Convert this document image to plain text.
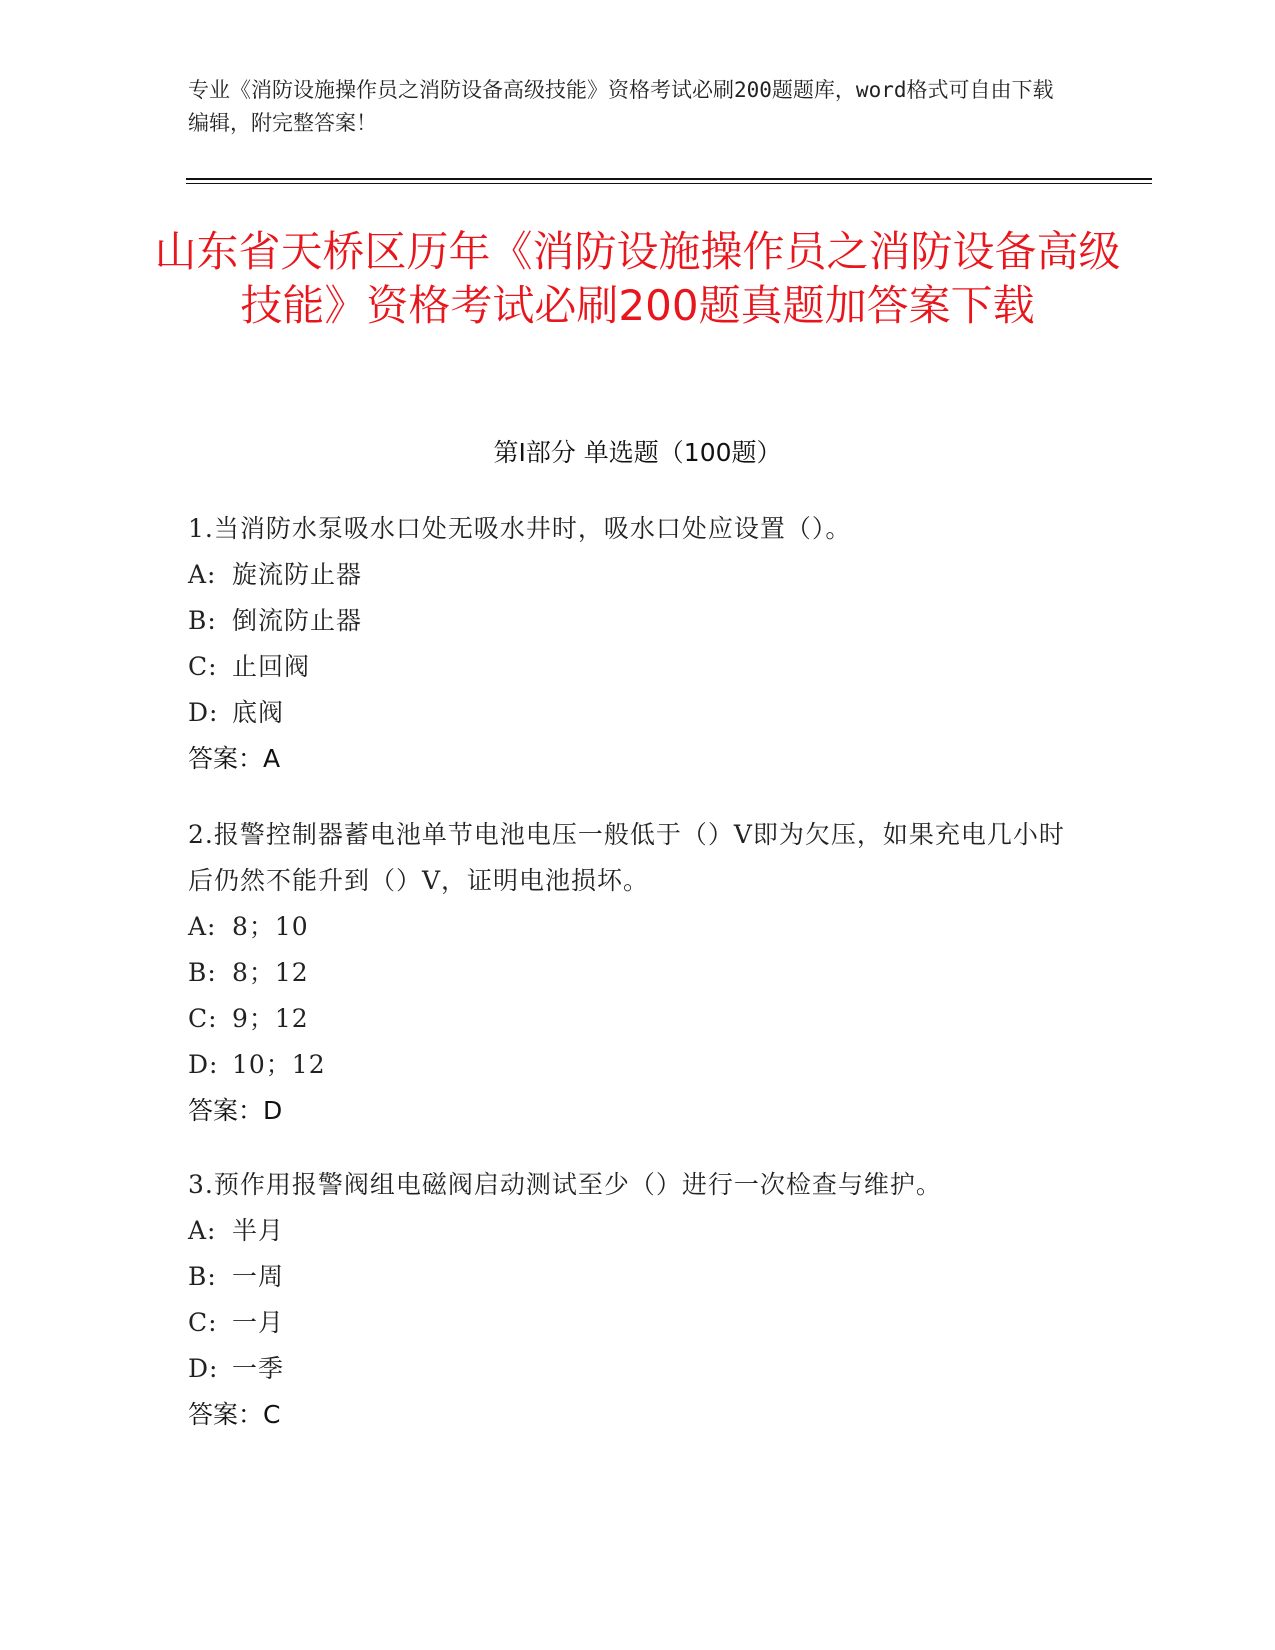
专业《消防设施操作员之消防设备高级技能》资格考试必刷200题题库，word格式可自由下载编辑，附完整答案！
山东省天桥区历年《消防设施操作员之消防设备高级技能》资格考试必刷200题真题加答案下载
第Ⅰ部分 单选题（100题）
1.当消防水泵吸水口处无吸水井时，吸水口处应设置（）。
A: 旋流防止器
B: 倒流防止器
C: 止回阀
D: 底阀
答案：A
2.报警控制器蓄电池单节电池电压一般低于（）V即为欠压，如果充电几小时后仍然不能升到（）V，证明电池损坏。
A: 8；10
B: 8；12
C: 9；12
D: 10；12
答案：D
3.预作用报警阀组电磁阀启动测试至少（）进行一次检查与维护。
A: 半月
B: 一周
C: 一月
D: 一季
答案：C
